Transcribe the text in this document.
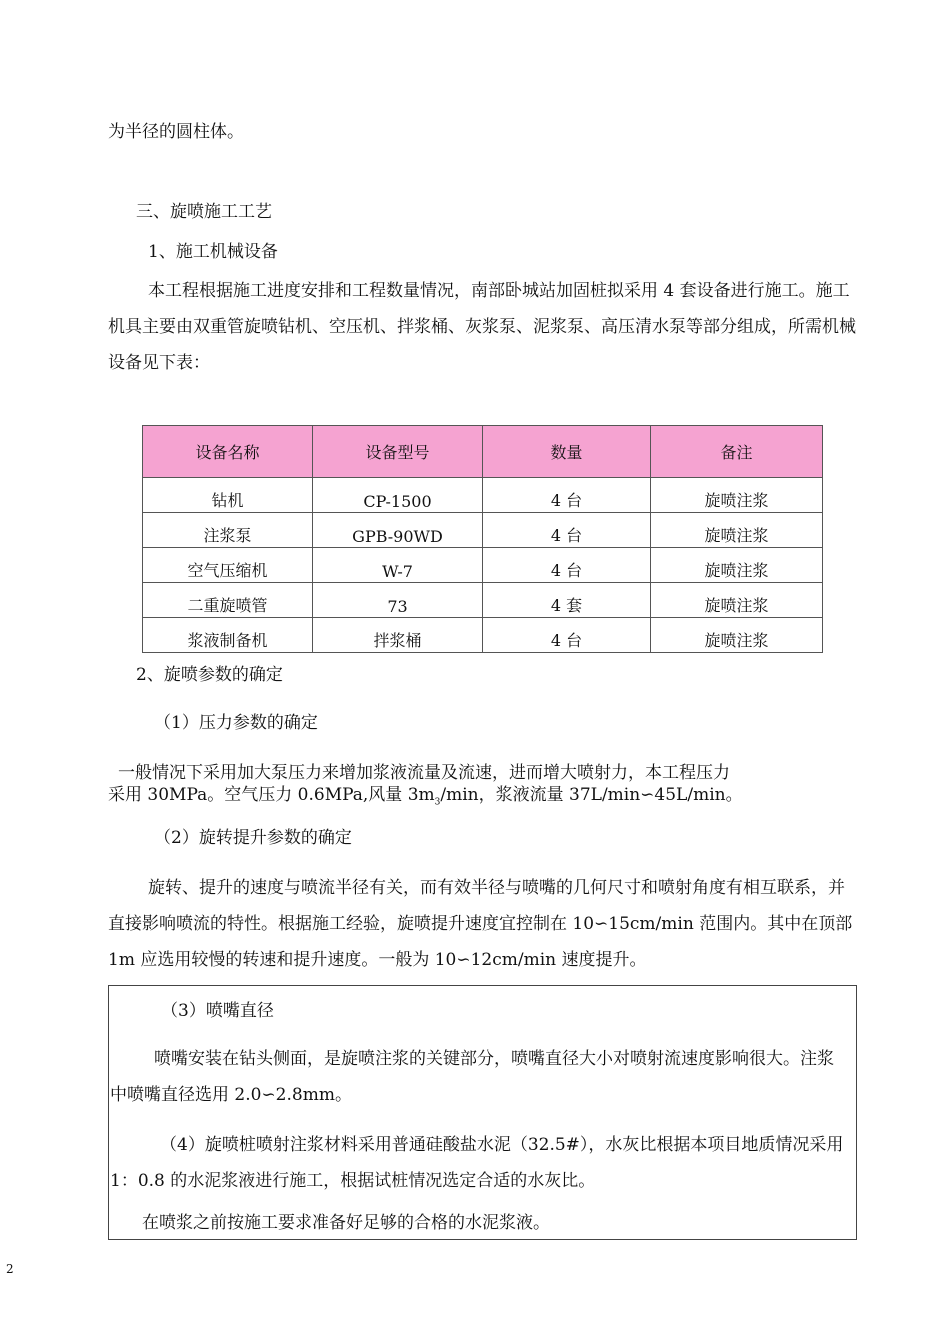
为半径的圆柱体。
三、旋喷施工工艺
1、施工机械设备
本工程根据施工进度安排和工程数量情况，南部卧城站加固桩拟采用 4 套设备进行施工。施工机具主要由双重管旋喷钻机、空压机、拌浆桶、灰浆泵、泥浆泵、高压清水泵等部分组成，所需机械设备见下表：
设备名称	设备型号	数量	备注
钻机	CP-1500	4 台	旋喷注浆
注浆泵	GPB-90WD	4 台	旋喷注浆
空气压缩机	W-7	4 台	旋喷注浆
二重旋喷管	73	4 套	旋喷注浆
浆液制备机	拌浆桶	4 台	旋喷注浆
2、旋喷参数的确定
（1）压力参数的确定
一般情况下采用加大泵压力来增加浆液流量及流速，进而增大喷射力，本工程压力
采用 30MPa。空气压力 0.6MPa,风量 $3m_3/\min$，浆液流量 37L/min∽45L/min。
（2）旋转提升参数的确定
旋转、提升的速度与喷流半径有关，而有效半径与喷嘴的几何尺寸和喷射角度有相互联系，并直接影响喷流的特性。根据施工经验，旋喷提升速度宜控制在 10∽15cm/min 范围内。其中在顶部 1m 应选用较慢的转速和提升速度。一般为 10∽12cm/min 速度提升。
（3）喷嘴直径
喷嘴安装在钻头侧面，是旋喷注浆的关键部分，喷嘴直径大小对喷射流速度影响很大。注浆中喷嘴直径选用 2.0∽2.8mm。
（4）旋喷桩喷射注浆材料采用普通硅酸盐水泥（32.5#），水灰比根据本项目地质情况采用 1：0.8 的水泥浆液进行施工，根据试桩情况选定合适的水灰比。
在喷浆之前按施工要求准备好足够的合格的水泥浆液。
2
